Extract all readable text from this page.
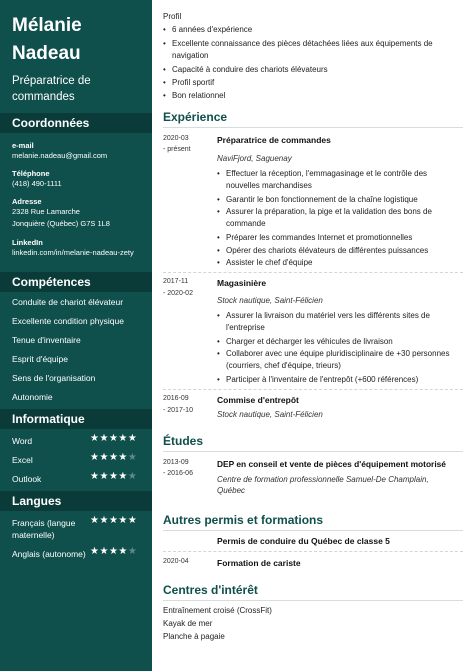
Mélanie
Nadeau
Préparatrice de
commandes
Coordonnées
e-mail
melanie.nadeau@gmail.com
Téléphone
(418) 490-1111
Adresse
2328 Rue Lamarche
Jonquière (Québec) G7S 1L8
LinkedIn
linkedin.com/in/melanie-nadeau-zety
Compétences
Conduite de chariot élévateur
Excellente condition physique
Tenue d'inventaire
Esprit d'équipe
Sens de l'organisation
Autonomie
Informatique
Word	★★★★★
Excel	★★★★★
Outlook	★★★★★
Langues
Français (langue maternelle)
★★★★★
Anglais (autonome) ★★★★★
Profil
• 6 années d'expérience
• Excellente connaissance des pièces détachées liées aux équipements de navigation
• Capacité à conduire des chariots élévateurs
• Profil sportif
• Bon relationnel
Expérience
2020-03
- présent
Préparatrice de commandes
NaviFjord, Saguenay
• Effectuer la réception, l'emmagasinage et le contrôle des nouvelles marchandises
• Garantir le bon fonctionnement de la chaîne logistique
• Assurer la préparation, la pige et la validation des bons de commande
• Préparer les commandes Internet et promotionnelles
• Opérer des chariots élévateurs de différentes puissances
• Assister le chef d'équipe
2017-11
- 2020-02
Magasinière
Stock nautique, Saint-Félicien
• Assurer la livraison du matériel vers les différents sites de l'entreprise
• Charger et décharger les véhicules de livraison
• Collaborer avec une équipe pluridisciplinaire de +30 personnes (courriers, chef d'équipe, trieurs)
• Participer à l'inventaire de l'entrepôt (+600 références)
2016-09
- 2017-10
Commise d'entrepôt
Stock nautique, Saint-Félicien
Études
2013-09
- 2016-06
DEP en conseil et vente de pièces d'équipement motorisé
Centre de formation professionnelle Samuel-De Champlain, Québec
Autres permis et formations
Permis de conduire du Québec de classe 5
2020-04	Formation de cariste
Centres d'intérêt
Entraînement croisé (CrossFit)
Kayak de mer
Planche à pagaie
